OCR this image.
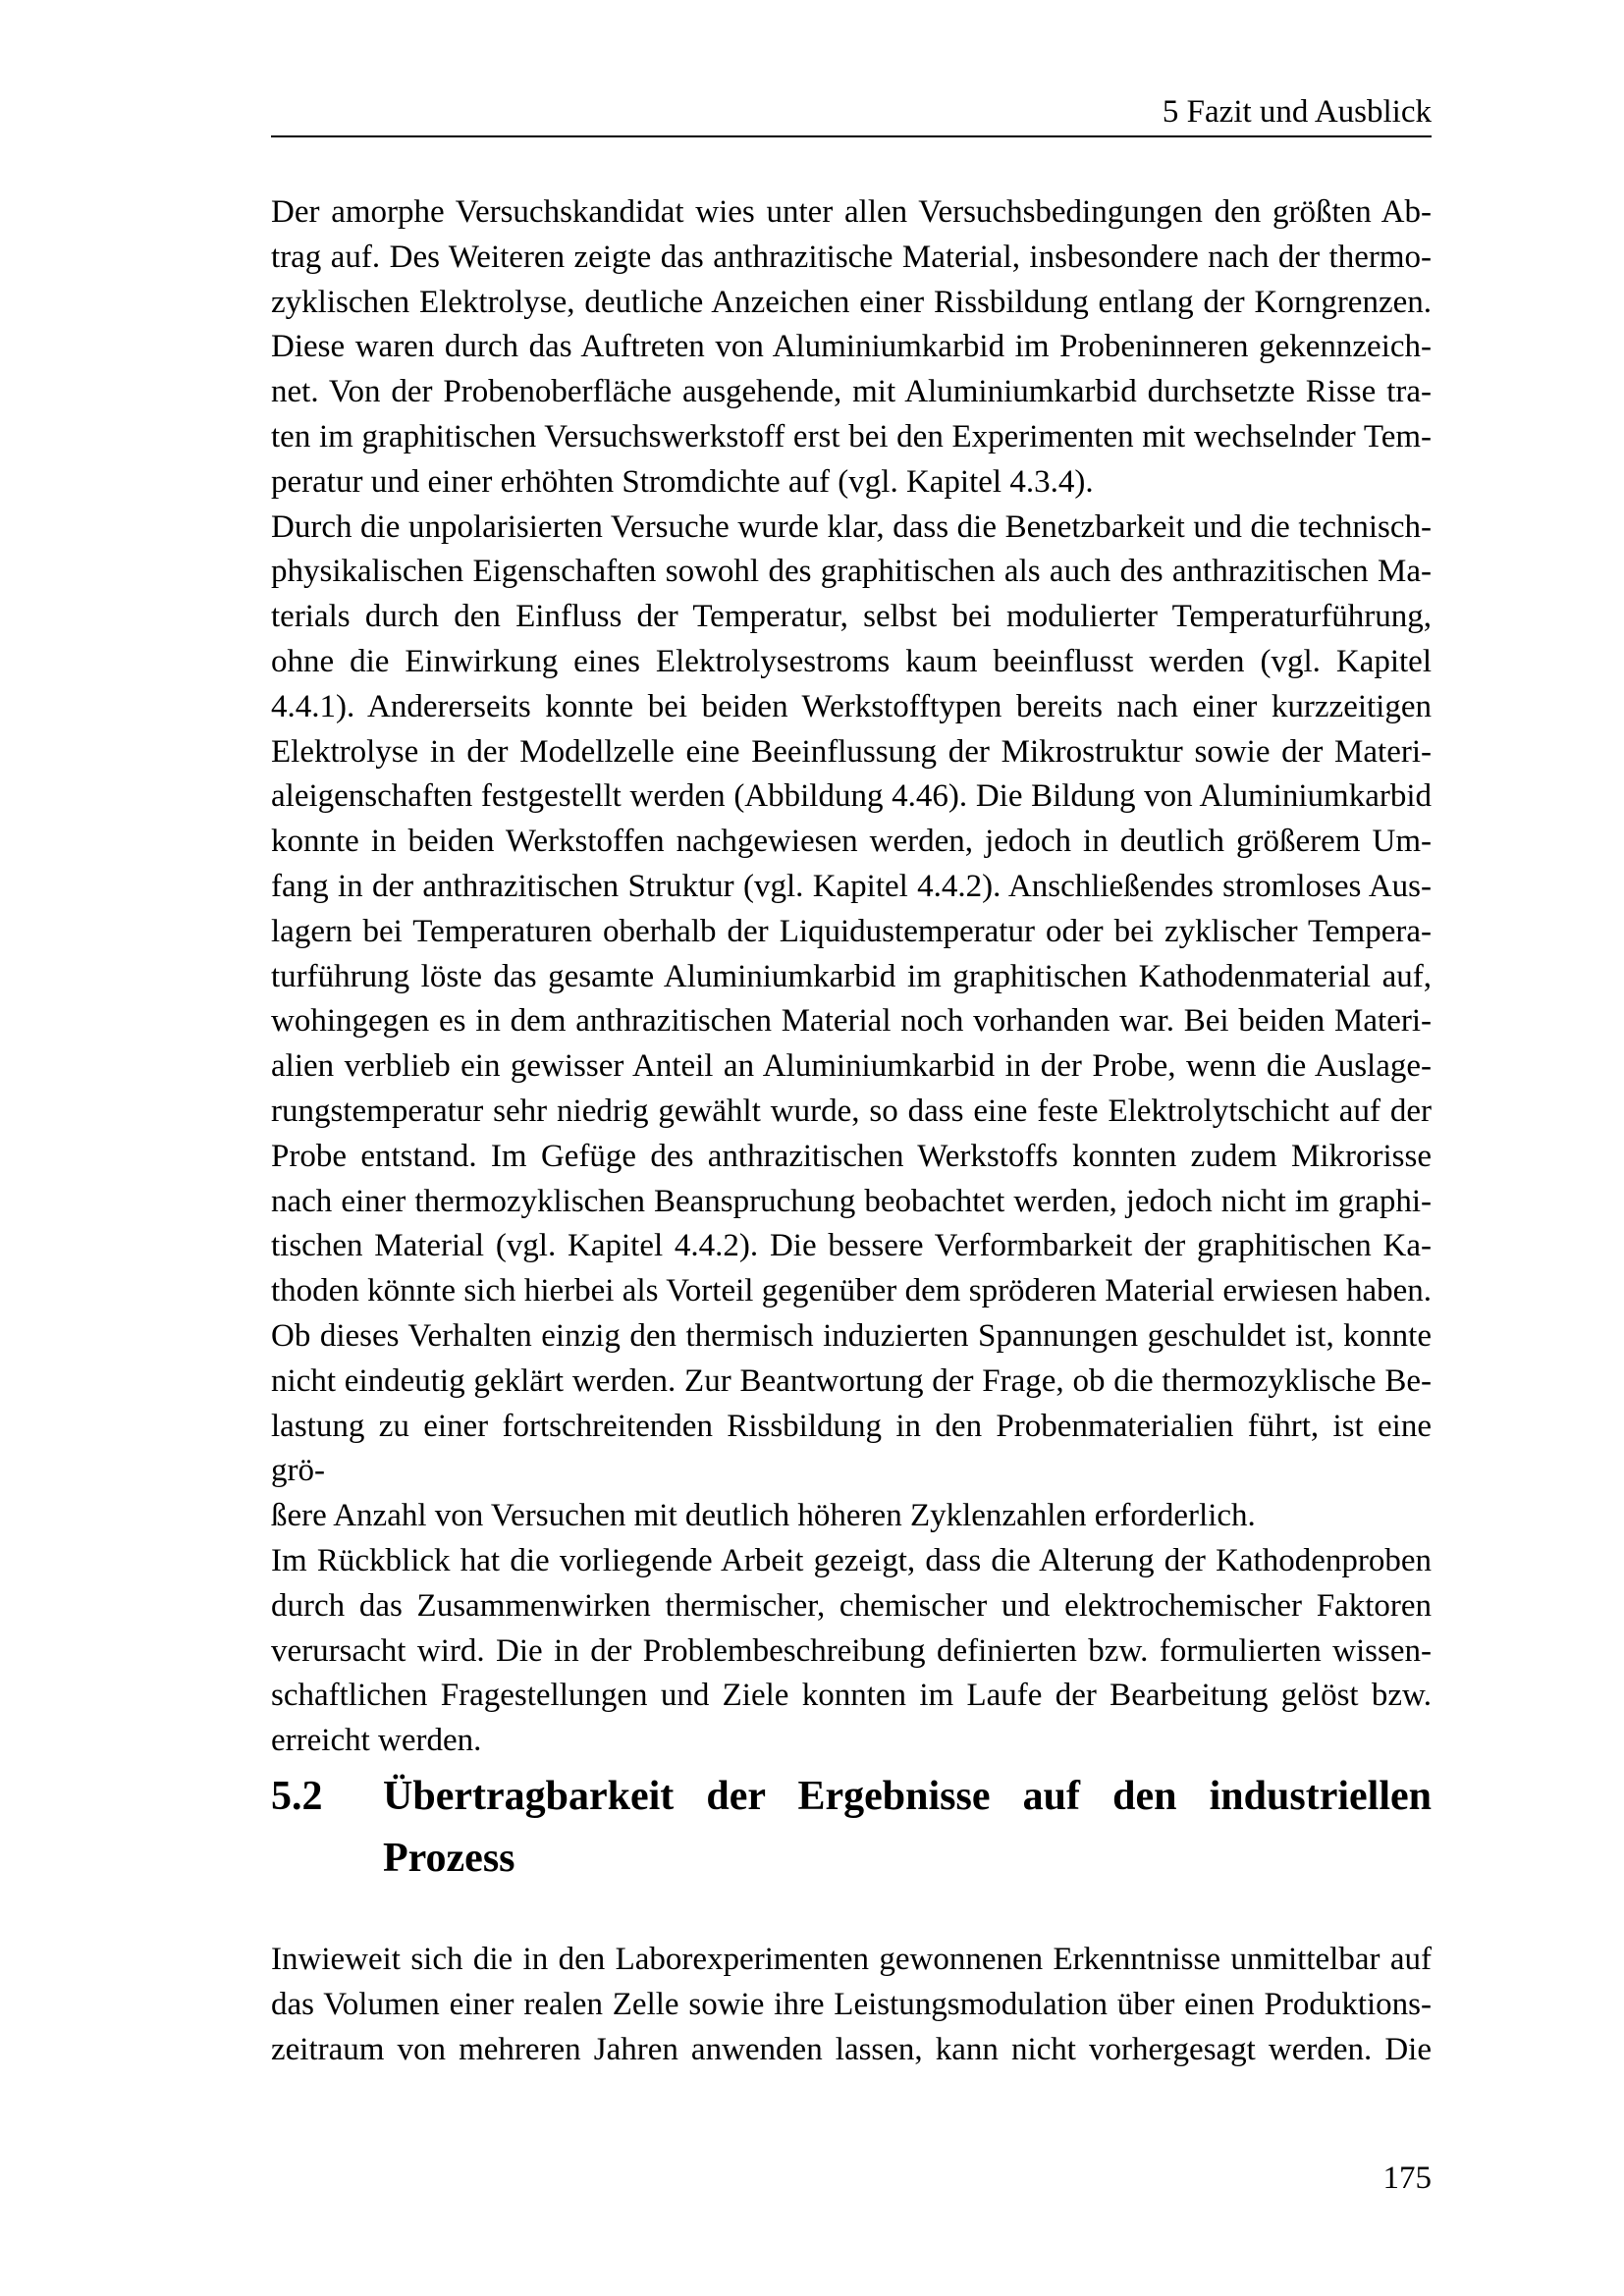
5 Fazit und Ausblick
Der amorphe Versuchskandidat wies unter allen Versuchsbedingungen den größten Ab-
trag auf. Des Weiteren zeigte das anthrazitische Material, insbesondere nach der thermo-
zyklischen Elektrolyse, deutliche Anzeichen einer Rissbildung entlang der Korngrenzen.
Diese waren durch das Auftreten von Aluminiumkarbid im Probeninneren gekennzeich-
net. Von der Probenoberfläche ausgehende, mit Aluminiumkarbid durchsetzte Risse tra-
ten im graphitischen Versuchswerkstoff erst bei den Experimenten mit wechselnder Tem-
peratur und einer erhöhten Stromdichte auf (vgl. Kapitel 4.3.4).
Durch die unpolarisierten Versuche wurde klar, dass die Benetzbarkeit und die technisch-
physikalischen Eigenschaften sowohl des graphitischen als auch des anthrazitischen Ma-
terials durch den Einfluss der Temperatur, selbst bei modulierter Temperaturführung,
ohne die Einwirkung eines Elektrolysestroms kaum beeinflusst werden (vgl. Kapitel
4.4.1). Andererseits konnte bei beiden Werkstofftypen bereits nach einer kurzzeitigen
Elektrolyse in der Modellzelle eine Beeinflussung der Mikrostruktur sowie der Materi-
aleigenschaften festgestellt werden (Abbildung 4.46). Die Bildung von Aluminiumkarbid
konnte in beiden Werkstoffen nachgewiesen werden, jedoch in deutlich größerem Um-
fang in der anthrazitischen Struktur (vgl. Kapitel 4.4.2). Anschließendes stromloses Aus-
lagern bei Temperaturen oberhalb der Liquidustemperatur oder bei zyklischer Tempera-
turführung löste das gesamte Aluminiumkarbid im graphitischen Kathodenmaterial auf,
wohingegen es in dem anthrazitischen Material noch vorhanden war. Bei beiden Materi-
alien verblieb ein gewisser Anteil an Aluminiumkarbid in der Probe, wenn die Auslage-
rungstemperatur sehr niedrig gewählt wurde, so dass eine feste Elektrolytschicht auf der
Probe entstand. Im Gefüge des anthrazitischen Werkstoffs konnten zudem Mikrorisse
nach einer thermozyklischen Beanspruchung beobachtet werden, jedoch nicht im graphi-
tischen Material (vgl. Kapitel 4.4.2). Die bessere Verformbarkeit der graphitischen Ka-
thoden könnte sich hierbei als Vorteil gegenüber dem spröderen Material erwiesen haben.
Ob dieses Verhalten einzig den thermisch induzierten Spannungen geschuldet ist, konnte
nicht eindeutig geklärt werden. Zur Beantwortung der Frage, ob die thermozyklische Be-
lastung zu einer fortschreitenden Rissbildung in den Probenmaterialien führt, ist eine grö-
ßere Anzahl von Versuchen mit deutlich höheren Zyklenzahlen erforderlich.
Im Rückblick hat die vorliegende Arbeit gezeigt, dass die Alterung der Kathodenproben
durch das Zusammenwirken thermischer, chemischer und elektrochemischer Faktoren
verursacht wird. Die in der Problembeschreibung definierten bzw. formulierten wissen-
schaftlichen Fragestellungen und Ziele konnten im Laufe der Bearbeitung gelöst bzw.
erreicht werden.
5.2	Übertragbarkeit der Ergebnisse auf den industriellen
Prozess
Inwieweit sich die in den Laborexperimenten gewonnenen Erkenntnisse unmittelbar auf
das Volumen einer realen Zelle sowie ihre Leistungsmodulation über einen Produktions-
zeitraum von mehreren Jahren anwenden lassen, kann nicht vorhergesagt werden. Die
175
